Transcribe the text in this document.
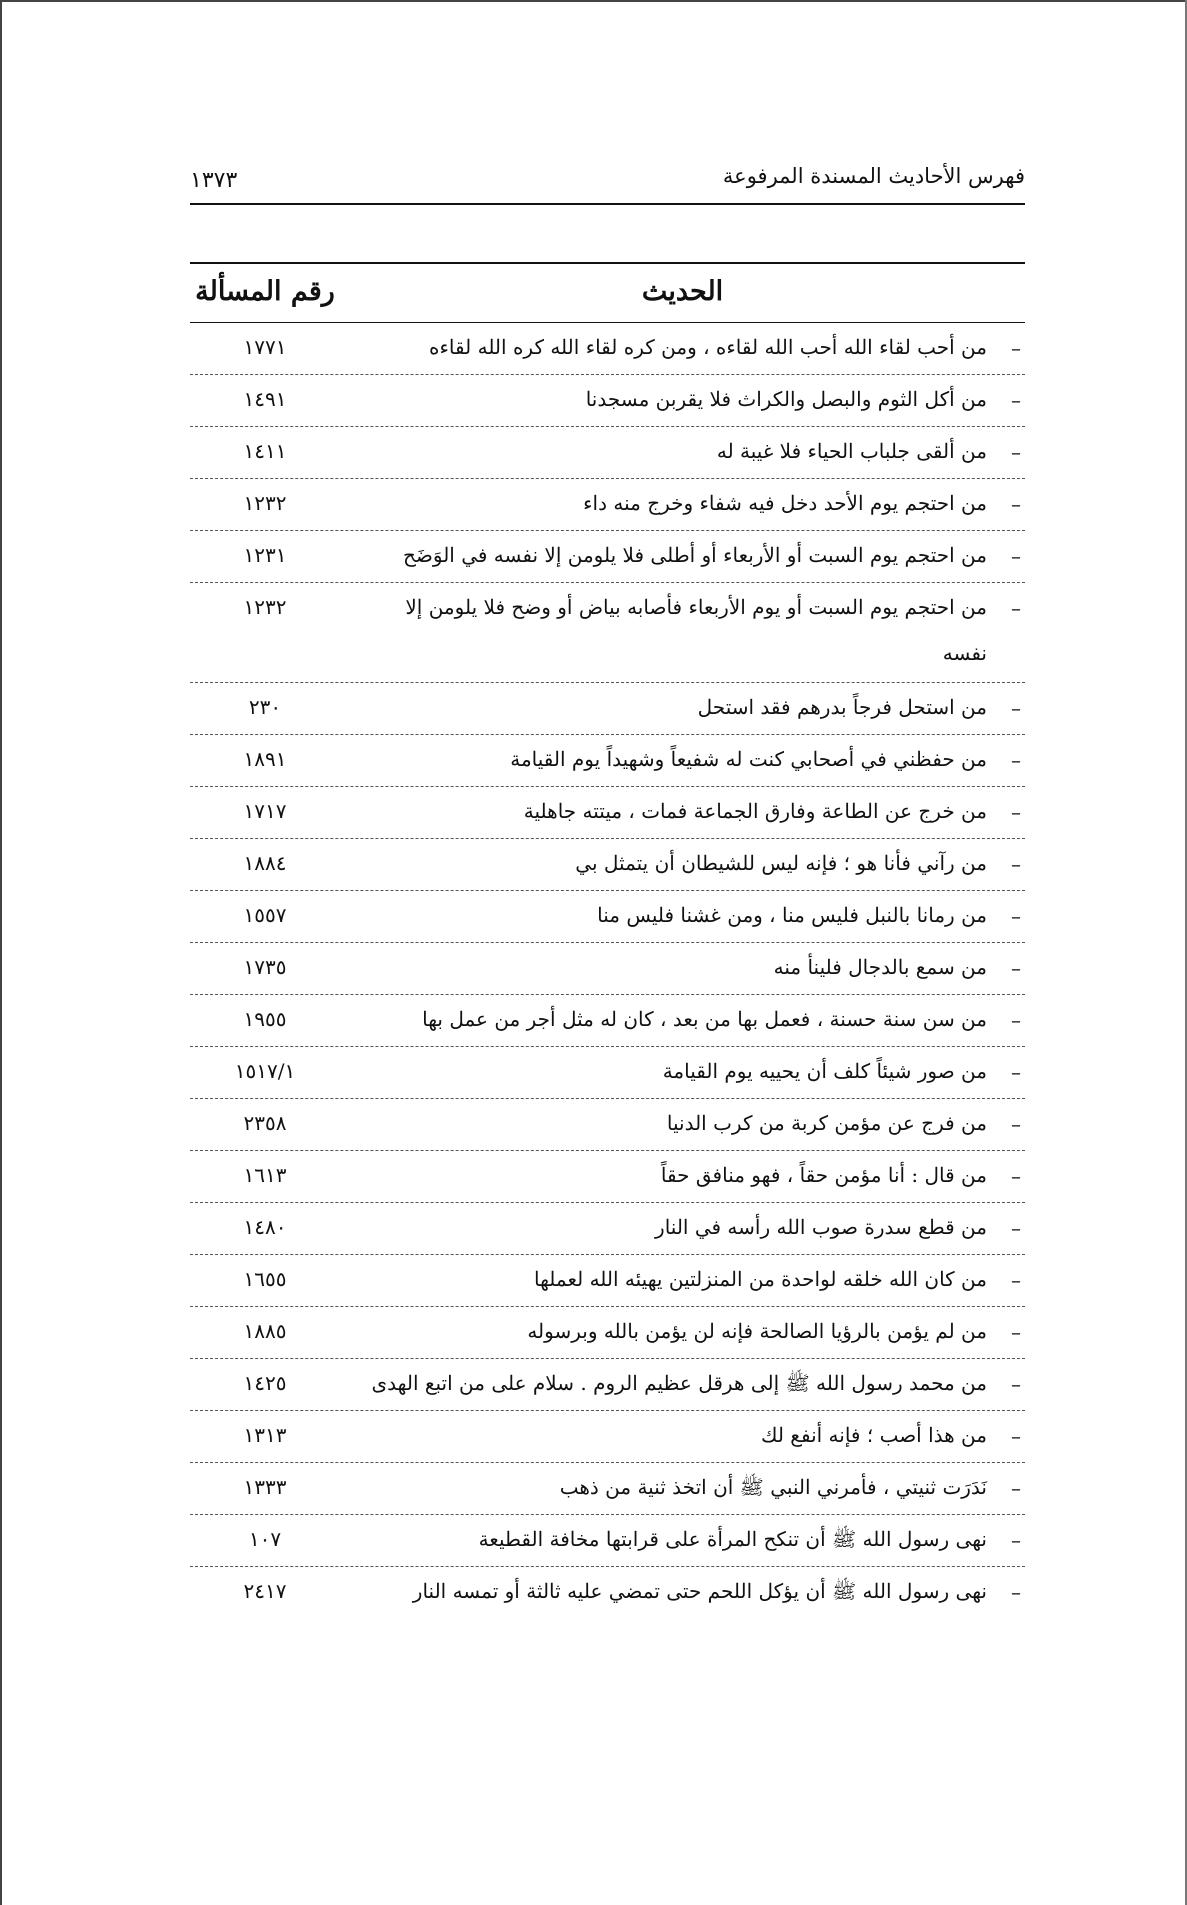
فهرس الأحاديث المسندة المرفوعة
١٣٧٣
الحديث
رقم المسألة
–
من أحب لقاء الله أحب الله لقاءه ، ومن كره لقاء الله كره الله لقاءه
١٧٧١
–
من أكل الثوم والبصل والكراث فلا يقربن مسجدنا
١٤٩١
–
من ألقى جلباب الحياء فلا غيبة له
١٤١١
–
من احتجم يوم الأحد دخل فيه شفاء وخرج منه داء
١٢٣٢
–
من احتجم يوم السبت أو الأربعاء أو أطلى فلا يلومن إلا نفسه في الوَضَح
١٢٣١
–
من احتجم يوم السبت أو يوم الأربعاء فأصابه بياض أو وضح فلا يلومن إلا نفسه
١٢٣٢
–
من استحل فرجاً بدرهم فقد استحل
٢٣٠
–
من حفظني في أصحابي كنت له شفيعاً وشهيداً يوم القيامة
١٨٩١
–
من خرج عن الطاعة وفارق الجماعة فمات ، ميتته جاهلية
١٧١٧
–
من رآني فأنا هو ؛ فإنه ليس للشيطان أن يتمثل بي
١٨٨٤
–
من رمانا بالنبل فليس منا ، ومن غشنا فليس منا
١٥٥٧
–
من سمع بالدجال فلينأ منه
١٧٣٥
–
من سن سنة حسنة ، فعمل بها من بعد ، كان له مثل أجر من عمل بها
١٩٥٥
–
من صور شيئاً كلف أن يحييه يوم القيامة
١٥١٧/١
–
من فرج عن مؤمن كربة من كرب الدنيا
٢٣٥٨
–
من قال : أنا مؤمن حقاً ، فهو منافق حقاً
١٦١٣
–
من قطع سدرة صوب الله رأسه في النار
١٤٨٠
–
من كان الله خلقه لواحدة من المنزلتين يهيئه الله لعملها
١٦٥٥
–
من لم يؤمن بالرؤيا الصالحة فإنه لن يؤمن بالله وبرسوله
١٨٨٥
–
من محمد رسول الله ﷺ إلى هرقل عظيم الروم . سلام على من اتبع الهدى
١٤٢٥
–
من هذا أصب ؛ فإنه أنفع لك
١٣١٣
–
نَدَرَت ثنيتي ، فأمرني النبي ﷺ أن اتخذ ثنية من ذهب
١٣٣٣
–
نهى رسول الله ﷺ أن تنكح المرأة على قرابتها مخافة القطيعة
١٠٧
–
نهى رسول الله ﷺ أن يؤكل اللحم حتى تمضي عليه ثالثة أو تمسه النار
٢٤١٧
